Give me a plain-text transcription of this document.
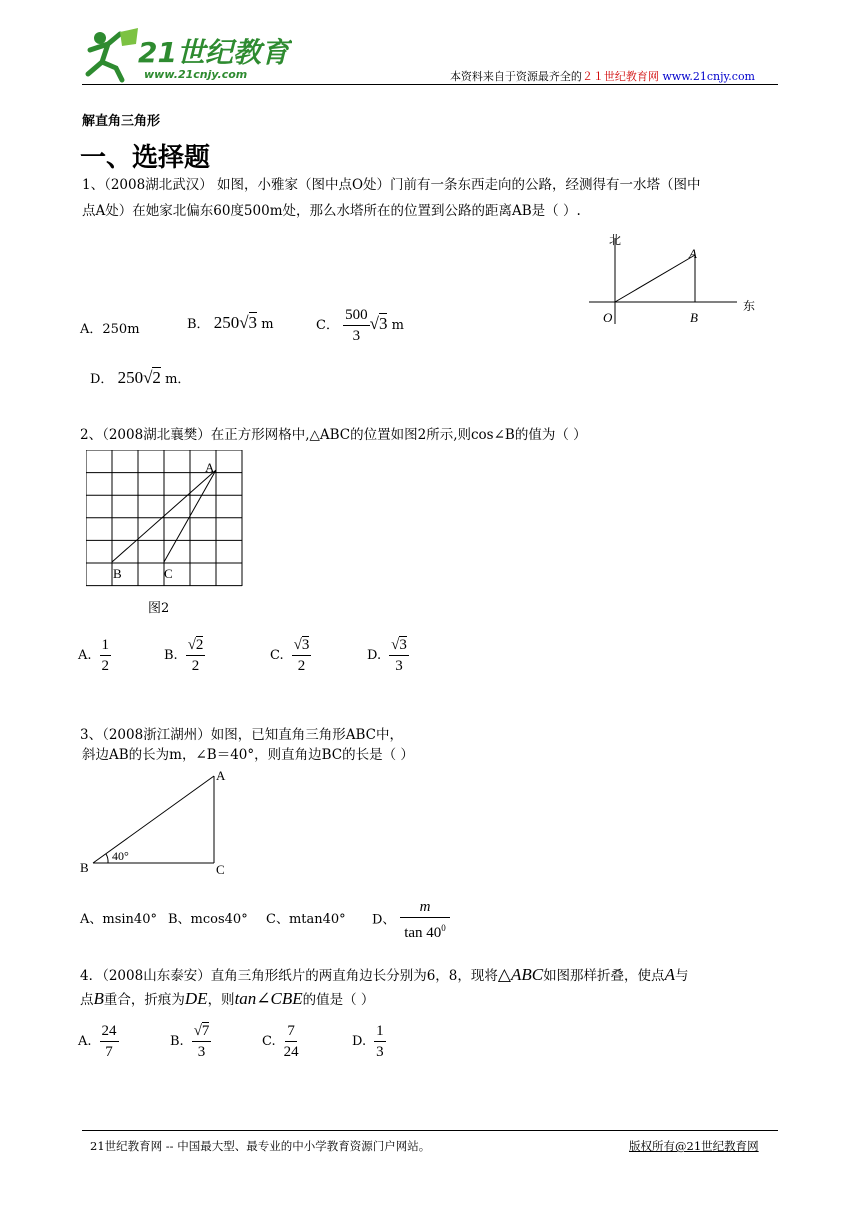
21世纪教育
www.21cnjy.com	本资料来自于资源最齐全的２１世纪教育网 www.21cnjy.com
解直角三角形
一、选择题
1、（2008湖北武汉） 如图，小雅家（图中点O处）门前有一条东西走向的公路，经测得有一水塔（图中
点A处）在她家北偏东60度500m处，那么水塔所在的位置到公路的距离AB是（ ）.
北
东
O
A
B
A．250m	B． 250√3 m	C． $\frac{500}{3} √3$ m
D． 250√2 m．
2、（2008湖北襄樊）在正方形网格中,△ABC的位置如图2所示,则cos∠B的值为（ ）
A
B	C
图2
A. $\frac{1}{2}$	B. $\frac{√2}{2}$	C. $\frac{√3}{2}$	D. $\frac{√3}{3}$
3、（2008浙江湖州）如图，已知直角三角形ABC中，
斜边AB的长为m，∠B＝40°，则直角边BC的长是（ ）
A
B	C
40°
A、msin40° B、mcos40° C、mtan40° D、 $\frac{m}{\tan 40^0}$
4．（2008山东泰安）直角三角形纸片的两直角边长分别为6，8，现将△ABC如图那样折叠，使点A与
点B重合，折痕为DE，则tan∠CBE的值是（ ）
A. $\frac{24}{7}$	B. $\frac{√7}{3}$	C. $\frac{7}{24}$	D. $\frac{1}{3}$
21世纪教育网 -- 中国最大型、最专业的中小学教育资源门户网站。	版权所有@21世纪教育网
